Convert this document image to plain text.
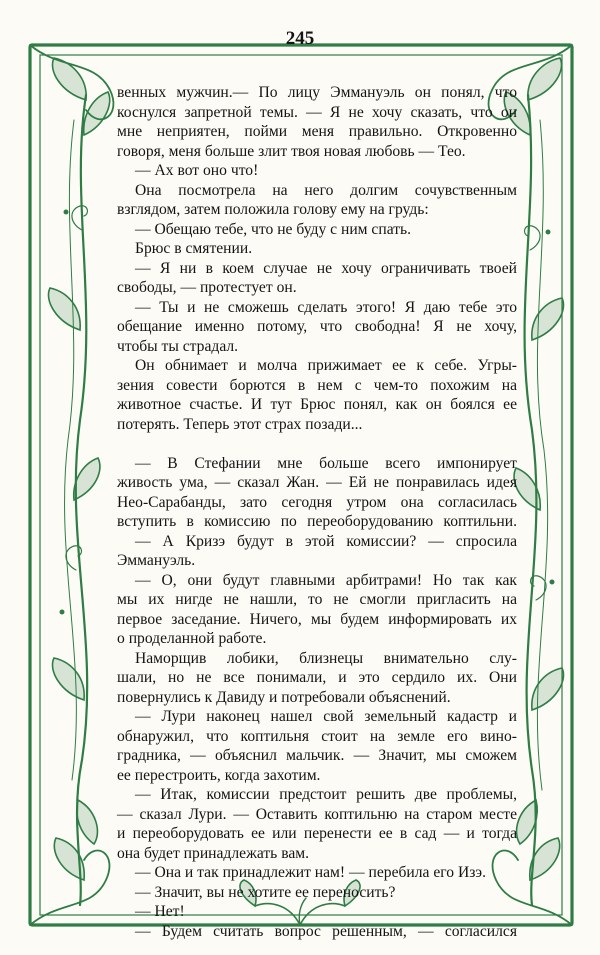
245

венных мужчин.— По лицу Эммануэль он понял, что

коснулся запретной темы. — Я не хочу сказать, что он

мне неприятен, пойми меня правильно. Откровенно

говоря, меня больше злит твоя новая любовь — Тео.

— Ах вот оно что!

Она посмотрела на него долгим сочувственным

взглядом, затем положила голову ему на грудь:

— Обещаю тебе, что не буду с ним спать.

Брюс в смятении.

— Я ни в коем случае не хочу ограничивать твоей

свободы, — протестует он.

— Ты и не сможешь сделать этого! Я даю тебе это

обещание именно потому, что свободна! Я не хочу,

чтобы ты страдал.

Он обнимает и молча прижимает ее к себе. Угры-

зения совести борются в нем с чем-то похожим на

животное счастье. И тут Брюс понял, как он боялся ее

потерять. Теперь этот страх позади...

— В Стефании мне больше всего импонирует

живость ума, — сказал Жан. — Ей не понравилась идея

Нео-Сарабанды, зато сегодня утром она согласилась

вступить в комиссию по переоборудованию коптильни.

— А Кризэ будут в этой комиссии? — спросила

Эммануэль.

— О, они будут главными арбитрами! Но так как

мы их нигде не нашли, то не смогли пригласить на

первое заседание. Ничего, мы будем информировать их

о проделанной работе.

Наморщив лобики, близнецы внимательно слу-

шали, но не все понимали, и это сердило их. Они

повернулись к Давиду и потребовали объяснений.

— Лури наконец нашел свой земельный кадастр и

обнаружил, что коптильня стоит на земле его вино-

градника, — объяснил мальчик. — Значит, мы сможем

ее перестроить, когда захотим.

— Итак, комиссии предстоит решить две проблемы,

— сказал Лури. — Оставить коптильню на старом месте

и переоборудовать ее или перенести ее в сад — и тогда

она будет принадлежать вам.

— Она и так принадлежит нам! — перебила его Изэ.

— Значит, вы не хотите ее переносить?

— Нет!

— Будем считать вопрос решенным, — согласился
